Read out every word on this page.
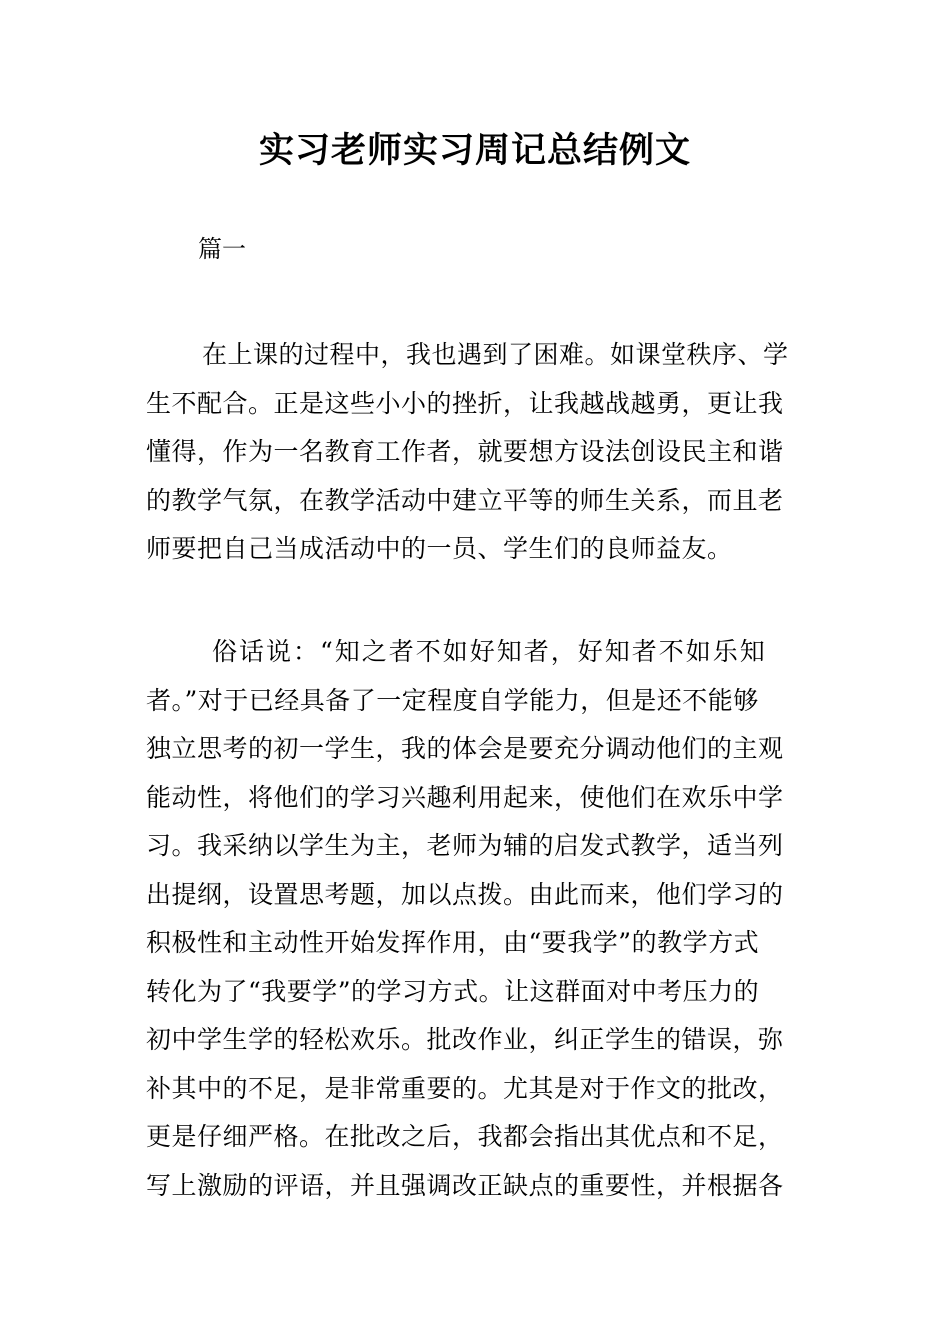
实习老师实习周记总结例文
篇一
在上课的过程中，我也遇到了困难。如课堂秩序、学
生不配合。正是这些小小的挫折，让我越战越勇，更让我
懂得，作为一名教育工作者，就要想方设法创设民主和谐
的教学气氛，在教学活动中建立平等的师生关系，而且老
师要把自己当成活动中的一员、学生们的良师益友。
俗话说：“知之者不如好知者，好知者不如乐知
者。”对于已经具备了一定程度自学能力，但是还不能够
独立思考的初一学生，我的体会是要充分调动他们的主观
能动性，将他们的学习兴趣利用起来，使他们在欢乐中学
习。我采纳以学生为主，老师为辅的启发式教学，适当列
出提纲，设置思考题，加以点拨。由此而来，他们学习的
积极性和主动性开始发挥作用，由“要我学”的教学方式
转化为了“我要学”的学习方式。让这群面对中考压力的
初中学生学的轻松欢乐。批改作业，纠正学生的错误，弥
补其中的不足，是非常重要的。尤其是对于作文的批改，
更是仔细严格。在批改之后，我都会指出其优点和不足，
写上激励的评语，并且强调改正缺点的重要性，并根据各
